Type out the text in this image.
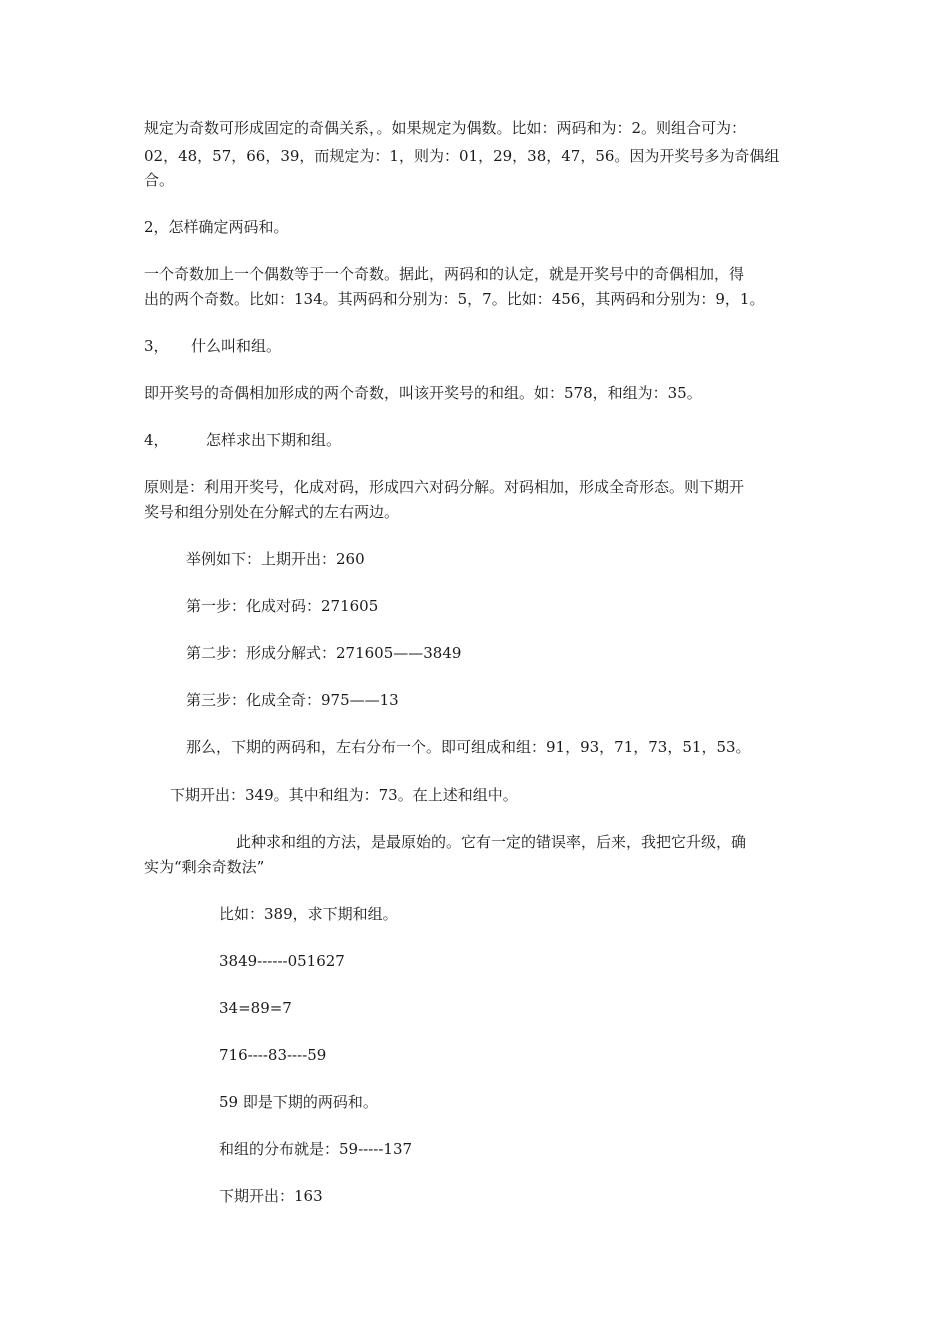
规定为奇数可形成固定的奇偶关系，。如果规定为偶数。比如：两码和为：2。则组合可为：

02，48，57，66，39，而规定为：1，则为：01，29，38，47，56。因为开奖号多为奇偶组

合。

2，怎样确定两码和。

一个奇数加上一个偶数等于一个奇数。据此，两码和的认定，就是开奖号中的奇偶相加，得

出的两个奇数。比如：134。其两码和分别为：5，7。比如：456，其两码和分别为：9，1。

3，　　什么叫和组。

即开奖号的奇偶相加形成的两个奇数，叫该开奖号的和组。如：578，和组为：35。

4，　　　怎样求出下期和组。

原则是：利用开奖号，化成对码，形成四六对码分解。对码相加，形成全奇形态。则下期开

奖号和组分别处在分解式的左右两边。

举例如下：上期开出：260

第一步：化成对码：271605

第二步：形成分解式：271605——3849

第三步：化成全奇：975——13

那么，下期的两码和，左右分布一个。即可组成和组：91，93，71，73，51，53。

下期开出：349。其中和组为：73。在上述和组中。

此种求和组的方法，是最原始的。它有一定的错误率，后来，我把它升级，确

实为“剩余奇数法”

比如：389，求下期和组。

3849------051627

34=89=7

716----83----59

59 即是下期的两码和。

和组的分布就是：59-----137

下期开出：163
